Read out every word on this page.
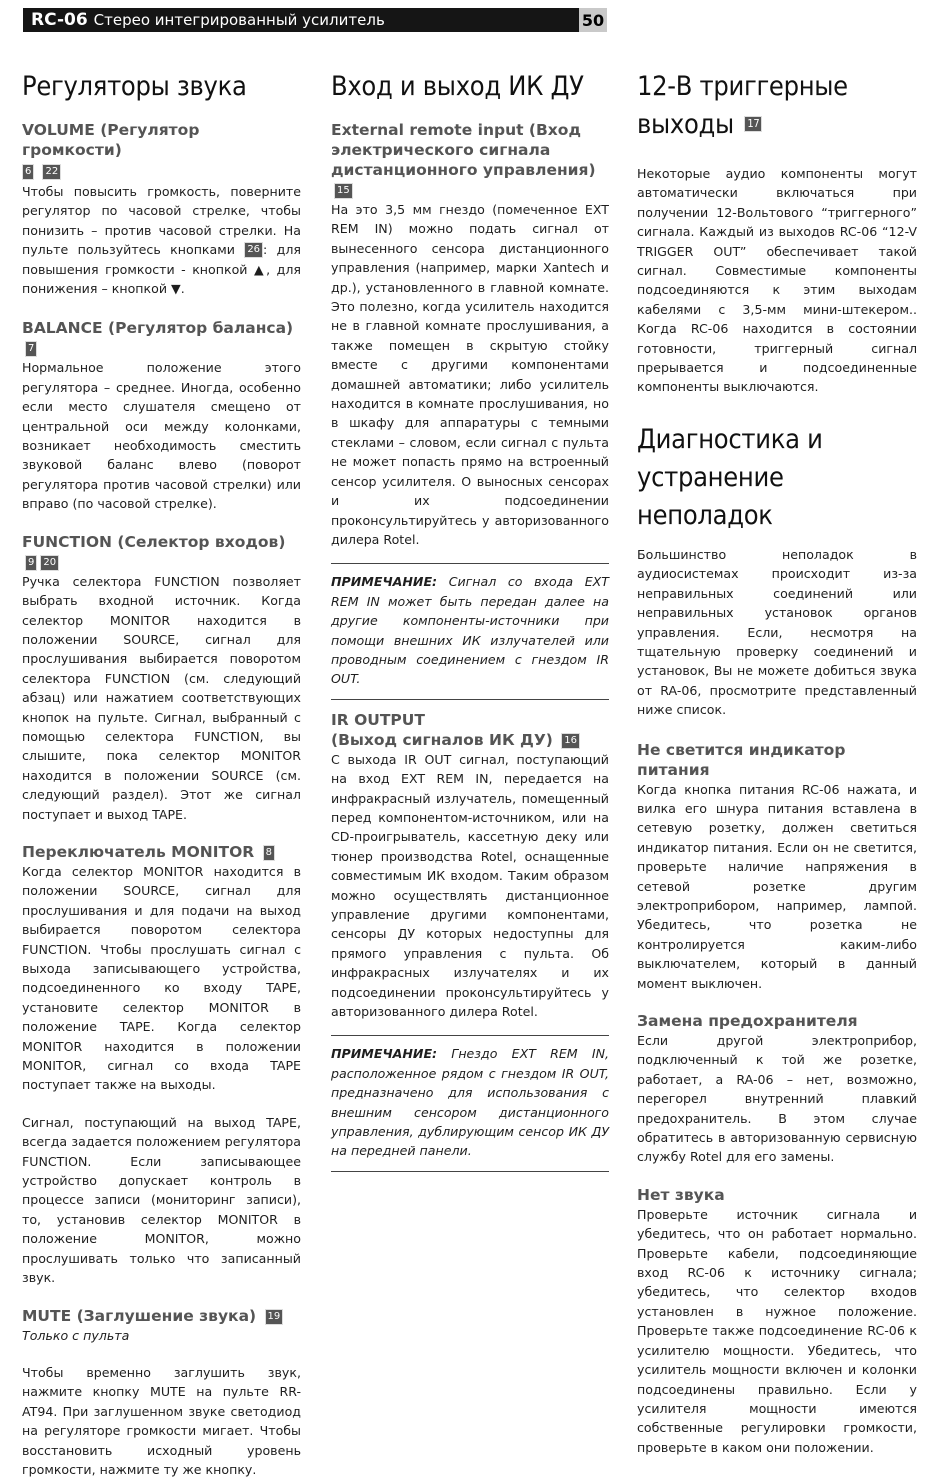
RC-06 Стерео интегрированный усилитель	50
Регуляторы звука
VOLUME (Регулятор громкости)
6 22

Чтобы повысить громкость, поверните регулятор по часовой стрелке, чтобы понизить – против часовой стрелки. На пульте пользуйтесь кнопками 26 : для повышения громкости - кнопкой ▲, для понижения – кнопкой ▼.

BALANCE (Регулятор баланса) 7

Нормальное положение этого регулятора – среднее. Иногда, особенно если место слушателя смещено от центральной оси между колонками, возникает необходимость сместить звуковой баланс влево (поворот регулятора против часовой стрелки) или вправо (по часовой стрелке).

FUNCTION (Селектор входов) 9 20

Ручка селектора FUNCTION позволяет выбрать входной источник. Когда селектор MONITOR находится в положении SOURCE, сигнал для прослушивания выбирается поворотом селектора FUNCTION (см. следующий абзац) или нажатием соответствующих кнопок на пульте. Сигнал, выбранный с помощью селектора FUNCTION, вы слышите, пока селектор MONITOR находится в положении SOURCE (см. следующий раздел). Этот же сигнал поступает и выход TAPE.

Переключатель MONITOR 8

Когда селектор MONITOR находится в положении SOURCE, сигнал для прослушивания и для подачи на выход выбирается поворотом селектора FUNCTION. Чтобы прослушать сигнал с выхода записывающего устройства, подсоединенного ко входу TAPE, установите селектор MONITOR в положение TAPE. Когда селектор MONITOR находится в положении MONITOR, сигнал со входа TAPE поступает также на выходы.

Сигнал, поступающий на выход TAPE, всегда задается положением регулятора FUNCTION. Если записывающее устройство допускает контроль в процессе записи (мониторинг записи), то, установив селектор MONITOR в положение MONITOR, можно прослушивать только что записанный звук.

MUTE (Заглушение звука) 19

Только с пульта

Чтобы временно заглушить звук, нажмите кнопку MUTE на пульте RR-AT94. При заглушенном звуке светодиод на регуляторе громкости мигает. Чтобы восстановить исходный уровень громкости, нажмите ту же кнопку.

Вход и выход ИК ДУ
External remote input (Вход электрического сигнала дистанционного управления) 15

На это 3,5 мм гнездо (помеченное EXT REM IN) можно подать сигнал от вынесенного сенсора дистанционного управления (например, марки Xantech и др.), установленного в главной комнате. Это полезно, когда усилитель находится не в главной комнате прослушивания, а также помещен в скрытую стойку вместе с другими компонентами домашней автоматики; либо усилитель находится в комнате прослушивания, но в шкафу для аппаратуры с темными стеклами – словом, если сигнал с пульта не может попасть прямо на встроенный сенсор усилителя. О выносных сенсорах и их подсоединении проконсультируйтесь у авторизованного дилера Rotel.

ПРИМЕЧАНИЕ: Сигнал со входа EXT REM IN может быть передан далее на другие компоненты-источники при помощи внешних ИК излучателей или проводным соединением с гнездом IR OUT.

IR OUTPUT
(Выход сигналов ИК ДУ) 16

С выхода IR OUT сигнал, поступающий на вход EXT REM IN, передается на инфракрасный излучатель, помещенный перед компонентом-источником, или на CD-проигрыватель, кассетную деку или тюнер производства Rotel, оснащенные совместимым ИК входом. Таким образом можно осуществлять дистанционное управление другими компонентами, сенсоры ДУ которых недоступны для прямого управления с пульта. Об инфракрасных излучателях и их подсоединении проконсультируйтесь у авторизованного дилера Rotel.

ПРИМЕЧАНИЕ: Гнездо EXT REM IN, расположенное рядом с гнездом IR OUT, предназначено для использования с внешним сенсором дистанционного управления, дублирующим сенсор ИК ДУ на передней панели.

12-В триггерные выходы 17

Некоторые аудио компоненты могут автоматически включаться при получении 12-Вольтового “триггерного” сигнала. Каждый из выходов RC-06 “12-V TRIGGER OUT” обеспечивает такой сигнал. Совместимые компоненты подсоединяются к этим выходам кабелями с 3,5-мм мини-штекером.. Когда RC-06 находится в состоянии готовности, триггерный сигнал прерывается и подсоединенные компоненты выключаются.

Диагностика и устранение неполадок

Большинство неполадок в аудиосистемах происходит из-за неправильных соединений или неправильных установок органов управления. Если, несмотря на тщательную проверку соединений и установок, Вы не можете добиться звука от RA-06, просмотрите представленный ниже список.

Не светится индикатор питания

Когда кнопка питания RC-06 нажата, и вилка его шнура питания вставлена в сетевую розетку, должен светиться индикатор питания. Если он не светится, проверьте наличие напряжения в сетевой розетке другим электроприбором, например, лампой. Убедитесь, что розетка не контролируется каким-либо выключателем, который в данный момент выключен.

Замена предохранителя

Если другой электроприбор, подключенный к той же розетке, работает, а RA-06 – нет, возможно, перегорел внутренний плавкий предохранитель. В этом случае обратитесь в авторизованную сервисную службу Rotel для его замены.

Нет звука

Проверьте источник сигнала и убедитесь, что он работает нормально. Проверьте кабели, подсоединяющие вход RC-06 к источнику сигнала; убедитесь, что селектор входов установлен в нужное положение. Проверьте также подсоединение RC-06 к усилителю мощности. Убедитесь, что усилитель мощности включен и колонки подсоединены правильно. Если у усилителя мощности имеются собственные регулировки громкости, проверьте в каком они положении.
